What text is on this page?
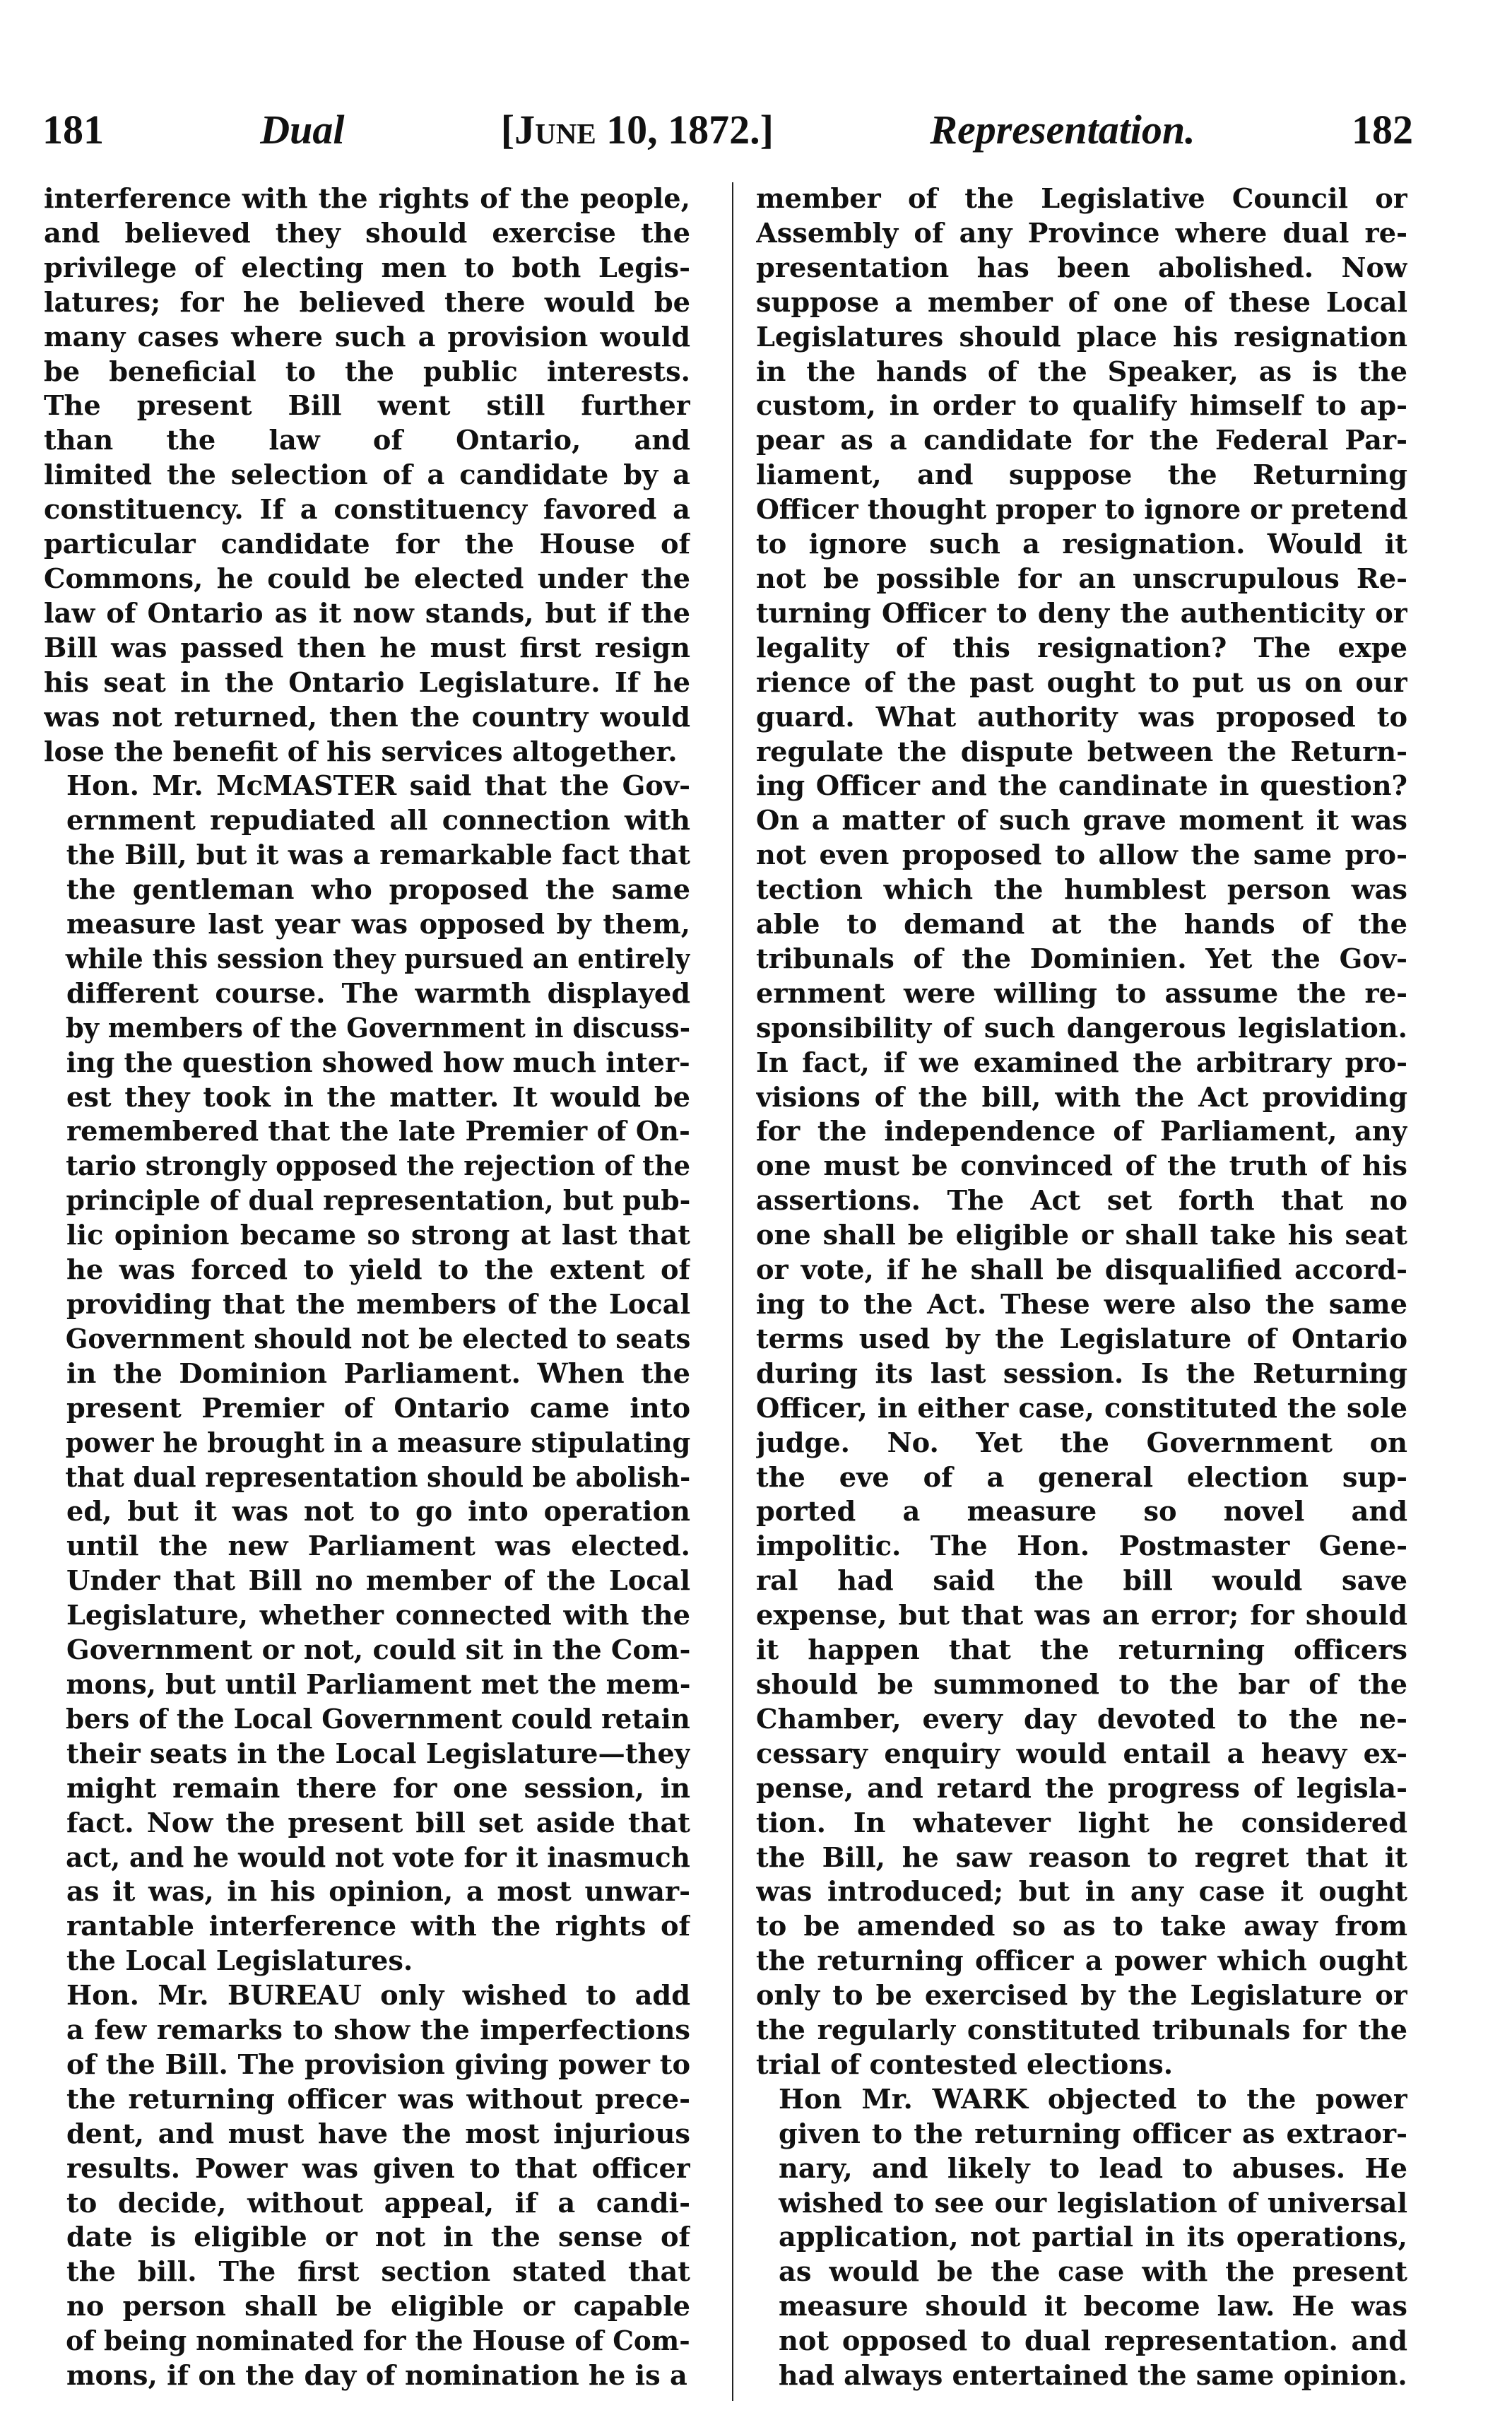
181	Dual	[June 10, 1872.]	Representation.	182
interference with the rights of the people,
and believed they should exercise the
privilege of electing men to both Legis-
latures; for he believed there would be
many cases where such a provision would
be beneficial to the public interests.
The present Bill went still further
than the law of Ontario, and
limited the selection of a candidate by a
constituency. If a constituency favored a
particular candidate for the House of
Commons, he could be elected under the
law of Ontario as it now stands, but if the
Bill was passed then he must first resign
his seat in the Ontario Legislature. If he
was not returned, then the country would
lose the benefit of his services altogether.
Hon. Mr. McMASTER said that the Gov-
ernment repudiated all connection with
the Bill, but it was a remarkable fact that
the gentleman who proposed the same
measure last year was opposed by them,
while this session they pursued an entirely
different course. The warmth displayed
by members of the Government in discuss-
ing the question showed how much inter-
est they took in the matter. It would be
remembered that the late Premier of On-
tario strongly opposed the rejection of the
principle of dual representation, but pub-
lic opinion became so strong at last that
he was forced to yield to the extent of
providing that the members of the Local
Government should not be elected to seats
in the Dominion Parliament. When the
present Premier of Ontario came into
power he brought in a measure stipulating
that dual representation should be abolish-
ed, but it was not to go into operation
until the new Parliament was elected.
Under that Bill no member of the Local
Legislature, whether connected with the
Government or not, could sit in the Com-
mons, but until Parliament met the mem-
bers of the Local Government could retain
their seats in the Local Legislature—they
might remain there for one session, in
fact. Now the present bill set aside that
act, and he would not vote for it inasmuch
as it was, in his opinion, a most unwar-
rantable interference with the rights of
the Local Legislatures.
Hon. Mr. BUREAU only wished to add
a few remarks to show the imperfections
of the Bill. The provision giving power to
the returning officer was without prece-
dent, and must have the most injurious
results. Power was given to that officer
to decide, without appeal, if a candi-
date is eligible or not in the sense of
the bill. The first section stated that
no person shall be eligible or capable
of being nominated for the House of Com-
mons, if on the day of nomination he is a
member of the Legislative Council or
Assembly of any Province where dual re-
presentation has been abolished. Now
suppose a member of one of these Local
Legislatures should place his resignation
in the hands of the Speaker, as is the
custom, in order to qualify himself to ap-
pear as a candidate for the Federal Par-
liament, and suppose the Returning
Officer thought proper to ignore or pretend
to ignore such a resignation. Would it
not be possible for an unscrupulous Re-
turning Officer to deny the authenticity or
legality of this resignation? The expe
rience of the past ought to put us on our
guard. What authority was proposed to
regulate the dispute between the Return-
ing Officer and the candinate in question?
On a matter of such grave moment it was
not even proposed to allow the same pro-
tection which the humblest person was
able to demand at the hands of the
tribunals of the Dominien. Yet the Gov-
ernment were willing to assume the re-
sponsibility of such dangerous legislation.
In fact, if we examined the arbitrary pro-
visions of the bill, with the Act providing
for the independence of Parliament, any
one must be convinced of the truth of his
assertions. The Act set forth that no
one shall be eligible or shall take his seat
or vote, if he shall be disqualified accord-
ing to the Act. These were also the same
terms used by the Legislature of Ontario
during its last session. Is the Returning
Officer, in either case, constituted the sole
judge. No. Yet the Government on
the eve of a general election sup-
ported a measure so novel and
impolitic. The Hon. Postmaster Gene-
ral had said the bill would save
expense, but that was an error; for should
it happen that the returning officers
should be summoned to the bar of the
Chamber, every day devoted to the ne-
cessary enquiry would entail a heavy ex-
pense, and retard the progress of legisla-
tion. In whatever light he considered
the Bill, he saw reason to regret that it
was introduced; but in any case it ought
to be amended so as to take away from
the returning officer a power which ought
only to be exercised by the Legislature or
the regularly constituted tribunals for the
trial of contested elections.
Hon Mr. WARK objected to the power
given to the returning officer as extraor-
nary, and likely to lead to abuses. He
wished to see our legislation of universal
application, not partial in its operations,
as would be the case with the present
measure should it become law. He was
not opposed to dual representation. and
had always entertained the same opinion.
